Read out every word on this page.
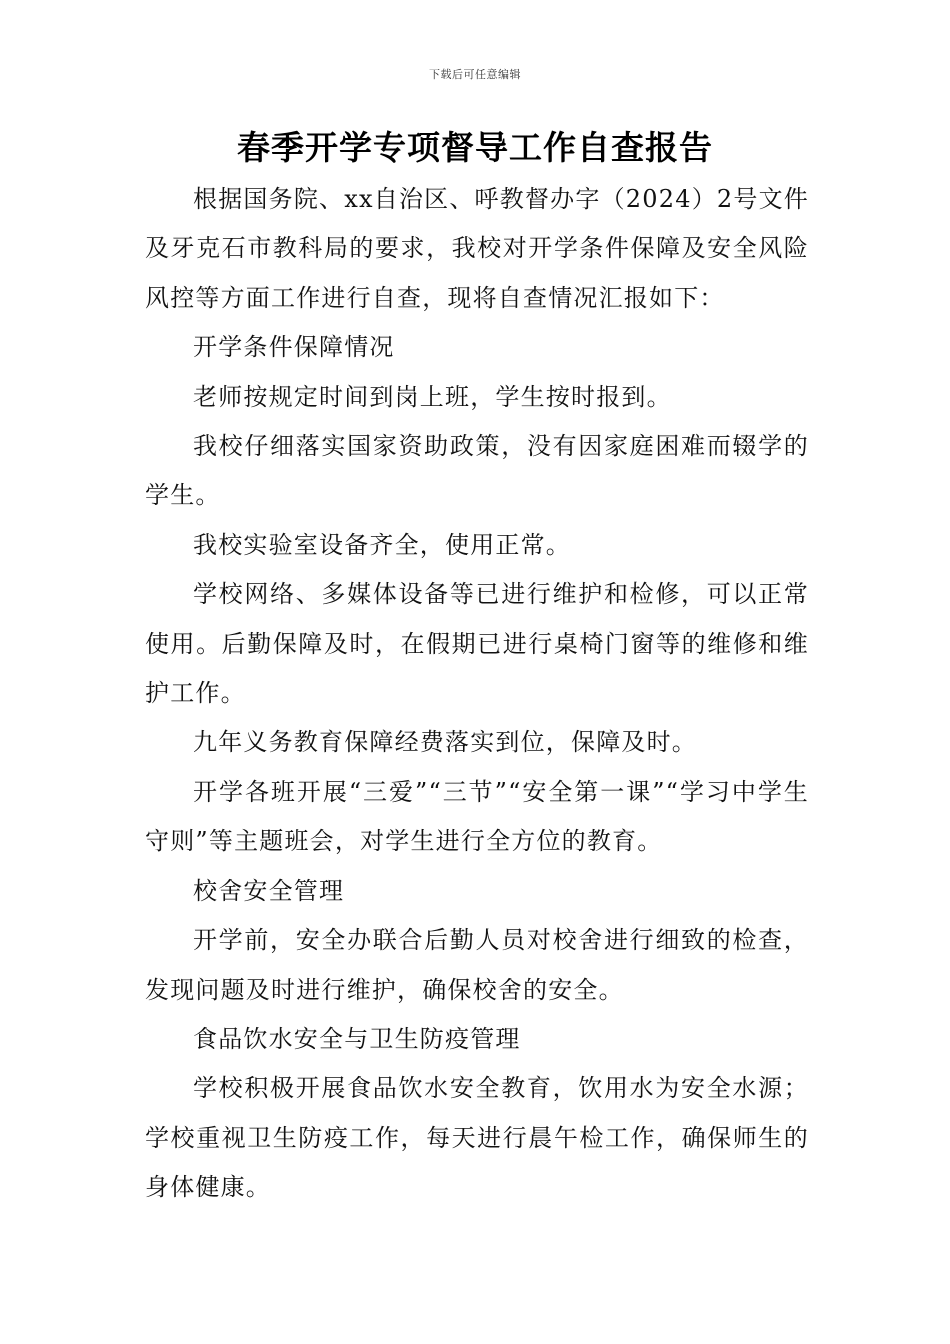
下载后可任意编辑
春季开学专项督导工作自查报告

根据国务院、xx自治区、呼教督办字（2024）2号文件及牙克石市教科局的要求，我校对开学条件保障及安全风险风控等方面工作进行自查，现将自查情况汇报如下：

开学条件保障情况

老师按规定时间到岗上班，学生按时报到。

我校仔细落实国家资助政策，没有因家庭困难而辍学的学生。

我校实验室设备齐全，使用正常。

学校网络、多媒体设备等已进行维护和检修，可以正常使用。后勤保障及时，在假期已进行桌椅门窗等的维修和维护工作。

九年义务教育保障经费落实到位，保障及时。

开学各班开展“三爱”“三节”“安全第一课”“学习中学生守则”等主题班会，对学生进行全方位的教育。

校舍安全管理

开学前，安全办联合后勤人员对校舍进行细致的检查，发现问题及时进行维护，确保校舍的安全。

食品饮水安全与卫生防疫管理

学校积极开展食品饮水安全教育，饮用水为安全水源；学校重视卫生防疫工作，每天进行晨午检工作，确保师生的身体健康。
